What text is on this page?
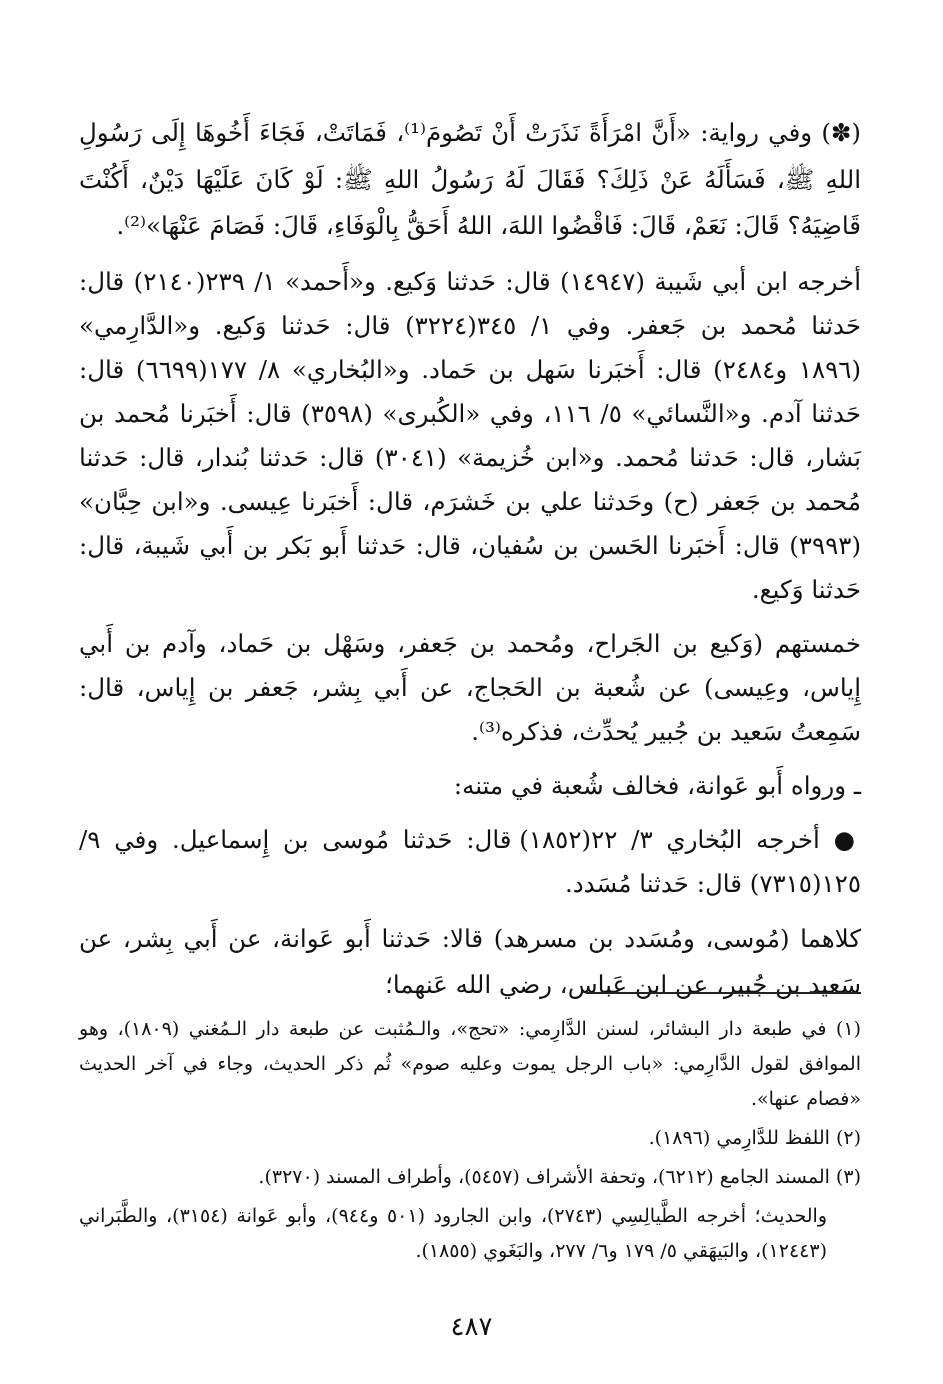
(✽) وفي رواية: «أَنَّ امْرَأَةً نَذَرَتْ أَنْ تَصُومَ⁽¹⁾، فَمَاتَتْ، فَجَاءَ أَخُوهَا إِلَى رَسُولِ اللهِ ﷺ، فَسَأَلَهُ عَنْ ذَلِكَ؟ فَقَالَ لَهُ رَسُولُ اللهِ ﷺ: لَوْ كَانَ عَلَيْهَا دَيْنٌ، أَكُنْتَ قَاضِيَهُ؟ قَالَ: نَعَمْ، قَالَ: فَاقْضُوا اللهَ، اللهُ أَحَقُّ بِالْوَفَاءِ، قَالَ: فَصَامَ عَنْهَا»⁽²⁾.

أخرجه ابن أبي شَيبة (١٤٩٤٧) قال: حَدثنا وَكيع. و«أَحمد» ١/ ٢٣٩(٢١٤٠) قال: حَدثنا مُحمد بن جَعفر. وفي ١/ ٣٤٥(٣٢٢٤) قال: حَدثنا وَكيع. و«الدَّارِمي» (١٨٩٦ و٢٤٨٤) قال: أَخبَرنا سَهل بن حَماد. و«البُخاري» ٨/ ١٧٧(٦٦٩٩) قال: حَدثنا آدم. و«النَّسائي» ٥/ ١١٦، وفي «الكُبرى» (٣٥٩٨) قال: أَخبَرنا مُحمد بن بَشار، قال: حَدثنا مُحمد. و«ابن خُزيمة» (٣٠٤١) قال: حَدثنا بُندار، قال: حَدثنا مُحمد بن جَعفر (ح) وحَدثنا علي بن خَشرَم، قال: أَخبَرنا عِيسى. و«ابن حِبَّان» (٣٩٩٣) قال: أَخبَرنا الحَسن بن سُفيان، قال: حَدثنا أَبو بَكر بن أَبي شَيبة، قال: حَدثنا وَكيع.

خمستهم (وَكيع بن الجَراح، ومُحمد بن جَعفر، وسَهْل بن حَماد، وآدم بن أَبي إِياس، وعِيسى) عن شُعبة بن الحَجاج، عن أَبي بِشر، جَعفر بن إِياس، قال: سَمِعتُ سَعيد بن جُبير يُحدِّث، فذكره⁽³⁾.

ـ ورواه أَبو عَوانة، فخالف شُعبة في متنه:

● أخرجه البُخاري ٣/ ٢٢(١٨٥٢) قال: حَدثنا مُوسى بن إِسماعيل. وفي ٩/ ١٢٥(٧٣١٥) قال: حَدثنا مُسَدد.

كلاهما (مُوسى، ومُسَدد بن مسرهد) قالا: حَدثنا أَبو عَوانة، عن أَبي بِشر، عن سَعيد بن جُبير، عن ابن عَباس، رضي الله عَنهما؛

(١) في طبعة دار البشائر، لسنن الدَّارِمي: «تحج»، والـمُثبت عن طبعة دار الـمُغني (١٨٠٩)، وهو الموافق لقول الدَّارِمي: «باب الرجل يموت وعليه صوم» ثُم ذكر الحديث، وجاء في آخر الحديث «فصام عنها».

(٢) اللفظ للدَّارِمي (١٨٩٦).

(٣) المسند الجامع (٦٢١٢)، وتحفة الأشراف (٥٤٥٧)، وأطراف المسند (٣٢٧٠).

والحديث؛ أخرجه الطَّيالِسِي (٢٧٤٣)، وابن الجارود (٥٠١ و٩٤٤)، وأبو عَوانة (٣١٥٤)، والطَّبَراني (١٢٤٤٣)، والبَيهَقي ٥/ ١٧٩ و٦/ ٢٧٧، والبَغَوي (١٨٥٥).

٤٨٧
